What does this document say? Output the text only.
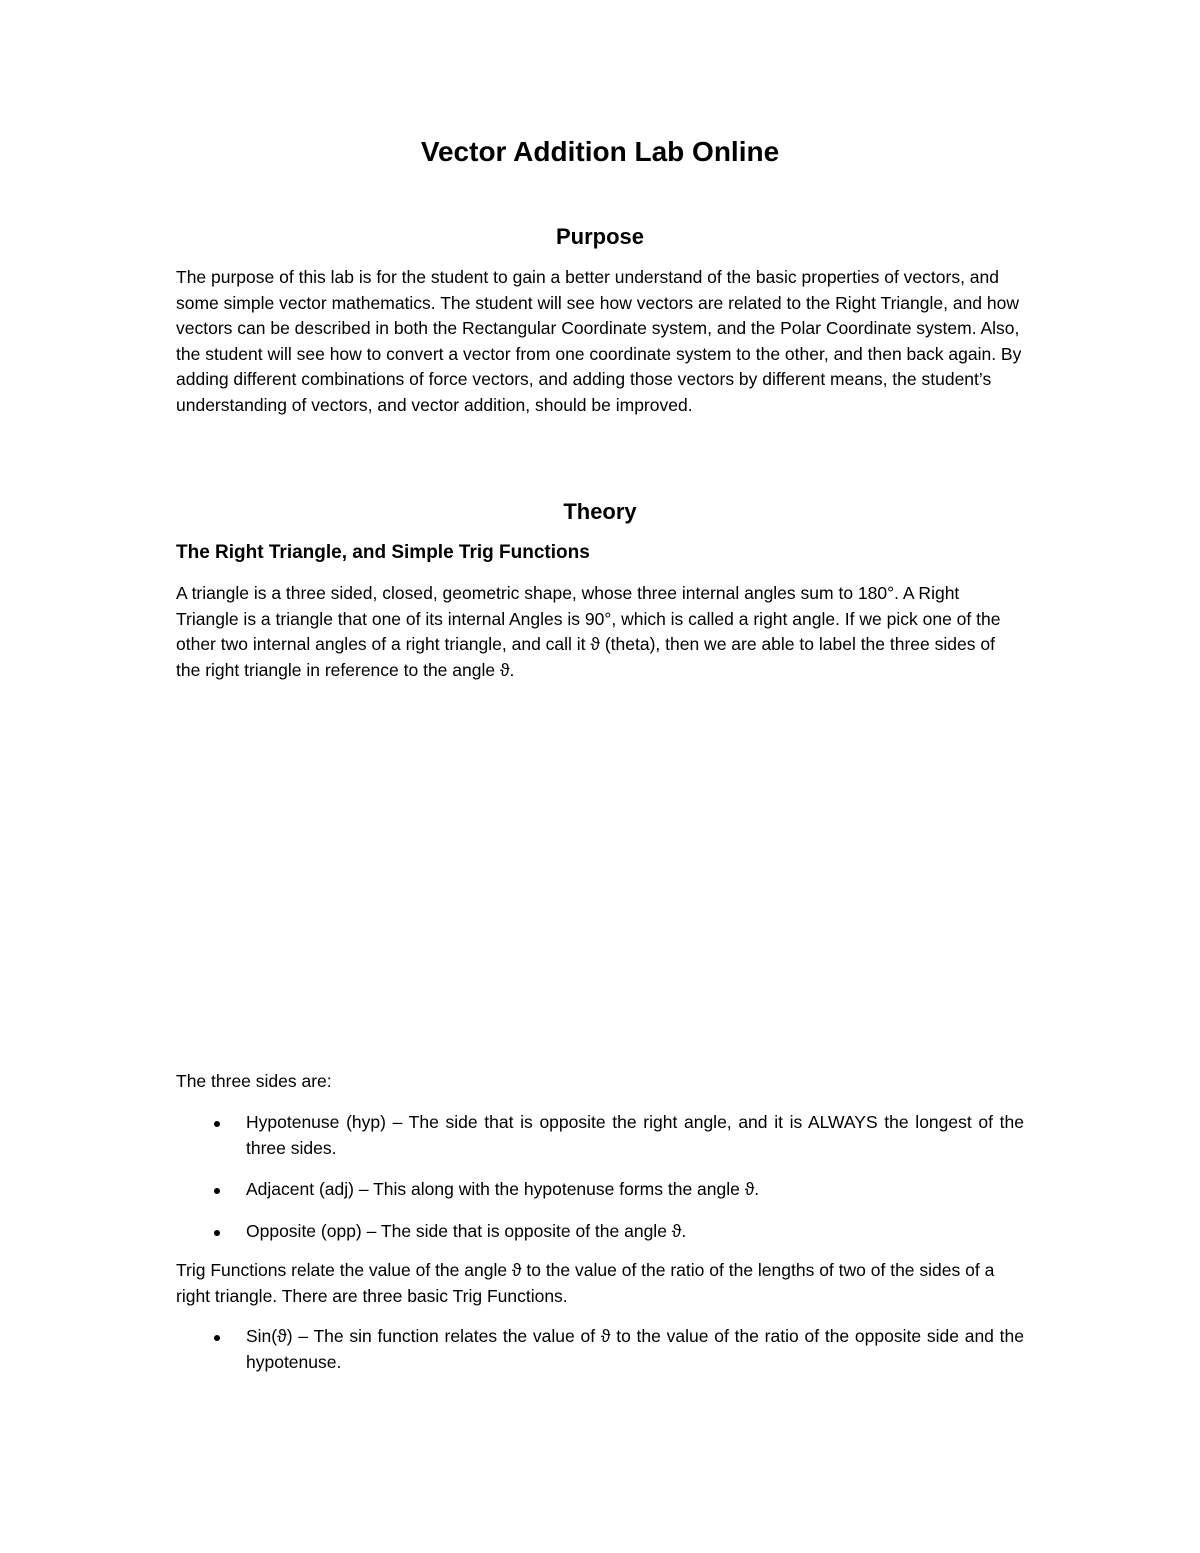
Vector Addition Lab Online
Purpose

The purpose of this lab is for the student to gain a better understand of the basic properties of vectors, and some simple vector mathematics. The student will see how vectors are related to the Right Triangle, and how vectors can be described in both the Rectangular Coordinate system, and the Polar Coordinate system. Also, the student will see how to convert a vector from one coordinate system to the other, and then back again. By adding different combinations of force vectors, and adding those vectors by different means, the student’s understanding of vectors, and vector addition, should be improved.

Theory
The Right Triangle, and Simple Trig Functions

A triangle is a three sided, closed, geometric shape, whose three internal angles sum to 180°. A Right Triangle is a triangle that one of its internal Angles is 90°, which is called a right angle. If we pick one of the other two internal angles of a right triangle, and call it ϑ (theta), then we are able to label the three sides of the right triangle in reference to the angle ϑ.

The three sides are:

Hypotenuse (hyp) – The side that is opposite the right angle, and it is ALWAYS the longest of the three sides.
Adjacent (adj) – This along with the hypotenuse forms the angle ϑ.
Opposite (opp) – The side that is opposite of the angle ϑ.

Trig Functions relate the value of the angle ϑ to the value of the ratio of the lengths of two of the sides of a right triangle. There are three basic Trig Functions.

Sin(ϑ) – The sin function relates the value of ϑ to the value of the ratio of the opposite side and the hypotenuse.
